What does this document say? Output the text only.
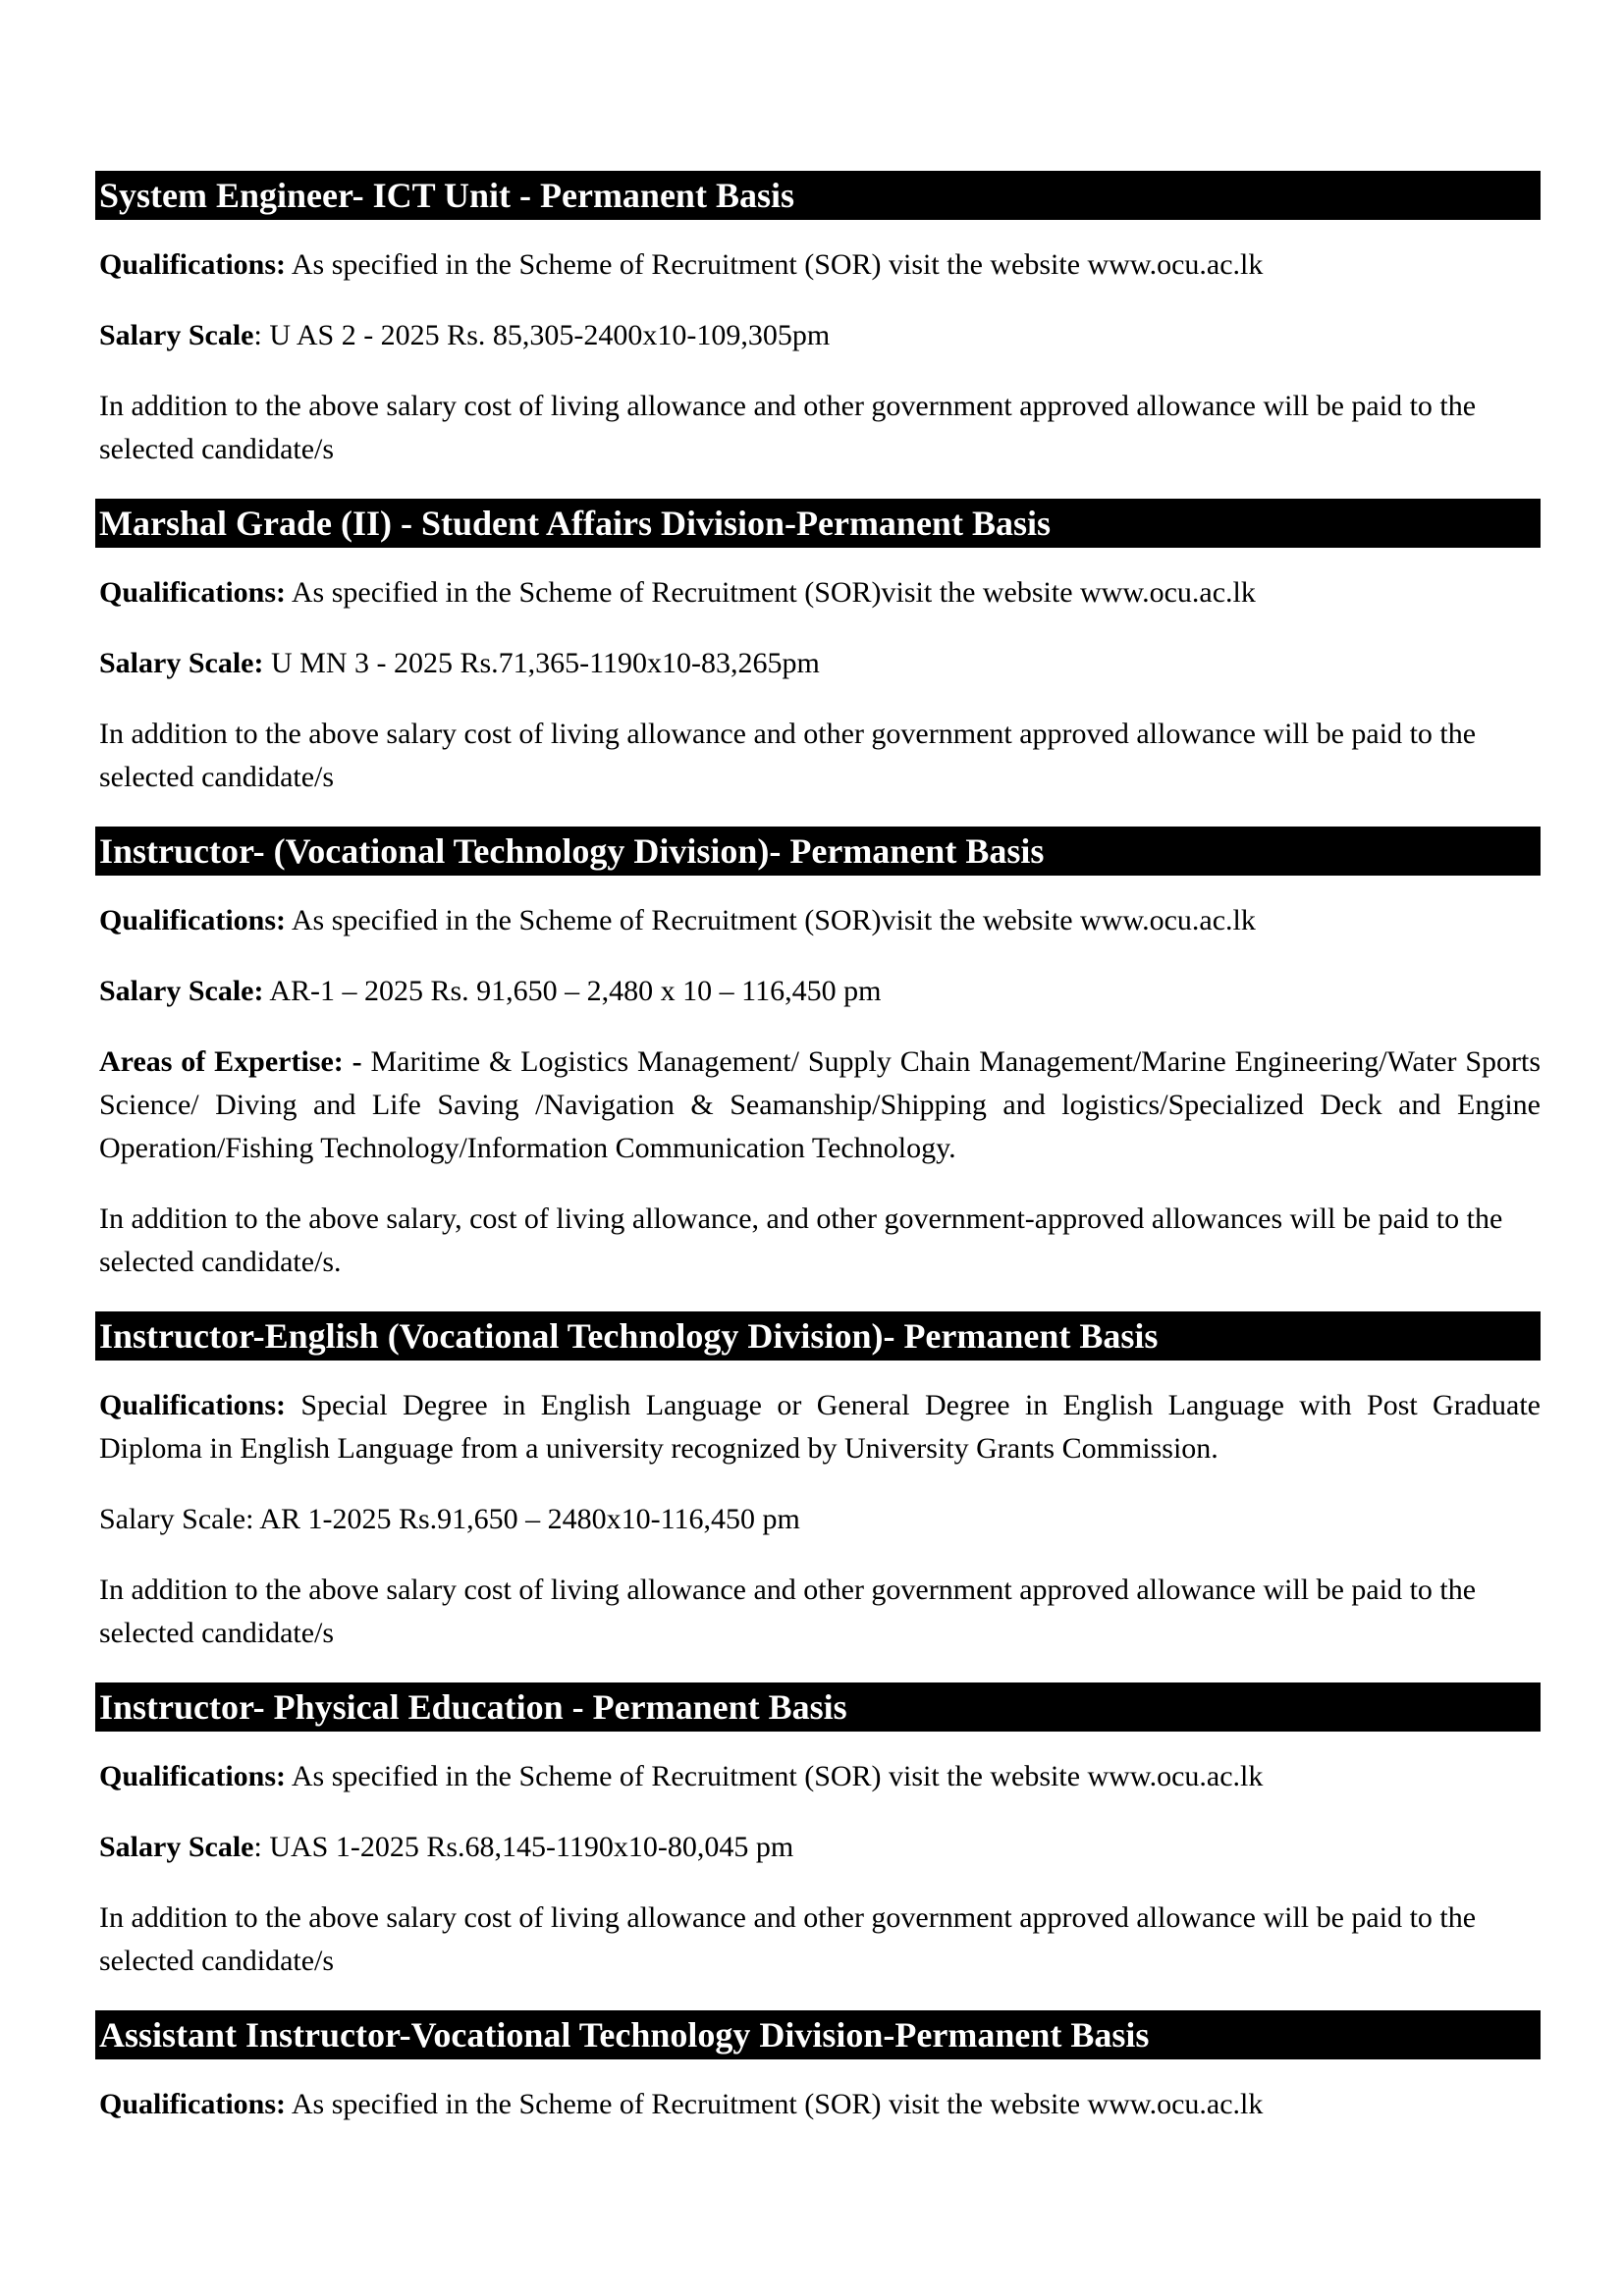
System Engineer- ICT Unit - Permanent Basis

Qualifications: As specified in the Scheme of Recruitment (SOR) visit the website www.ocu.ac.lk

Salary Scale: U AS 2 - 2025 Rs. 85,305-2400x10-109,305pm

In addition to the above salary cost of living allowance and other government approved allowance will be paid to the selected candidate/s

Marshal Grade (II) - Student Affairs Division-Permanent Basis

Qualifications: As specified in the Scheme of Recruitment (SOR)visit the website www.ocu.ac.lk

Salary Scale: U MN 3 - 2025 Rs.71,365-1190x10-83,265pm

In addition to the above salary cost of living allowance and other government approved allowance will be paid to the selected candidate/s

Instructor- (Vocational Technology Division)- Permanent Basis

Qualifications: As specified in the Scheme of Recruitment (SOR)visit the website www.ocu.ac.lk

Salary Scale: AR-1 – 2025 Rs. 91,650 – 2,480 x 10 – 116,450 pm

Areas of Expertise: - Maritime & Logistics Management/ Supply Chain Management/Marine Engineering/Water Sports Science/ Diving and Life Saving /Navigation & Seamanship/Shipping and logistics/Specialized Deck and Engine Operation/Fishing Technology/Information Communication Technology.

In addition to the above salary, cost of living allowance, and other government-approved allowances will be paid to the selected candidate/s.

Instructor-English (Vocational Technology Division)- Permanent Basis

Qualifications: Special Degree in English Language or General Degree in English Language with Post Graduate Diploma in English Language from a university recognized by University Grants Commission.

Salary Scale: AR 1-2025 Rs.91,650 – 2480x10-116,450 pm

In addition to the above salary cost of living allowance and other government approved allowance will be paid to the selected candidate/s

Instructor- Physical Education - Permanent Basis

Qualifications: As specified in the Scheme of Recruitment (SOR) visit the website www.ocu.ac.lk

Salary Scale: UAS 1-2025 Rs.68,145-1190x10-80,045 pm

In addition to the above salary cost of living allowance and other government approved allowance will be paid to the selected candidate/s

Assistant Instructor-Vocational Technology Division-Permanent Basis

Qualifications: As specified in the Scheme of Recruitment (SOR) visit the website www.ocu.ac.lk
